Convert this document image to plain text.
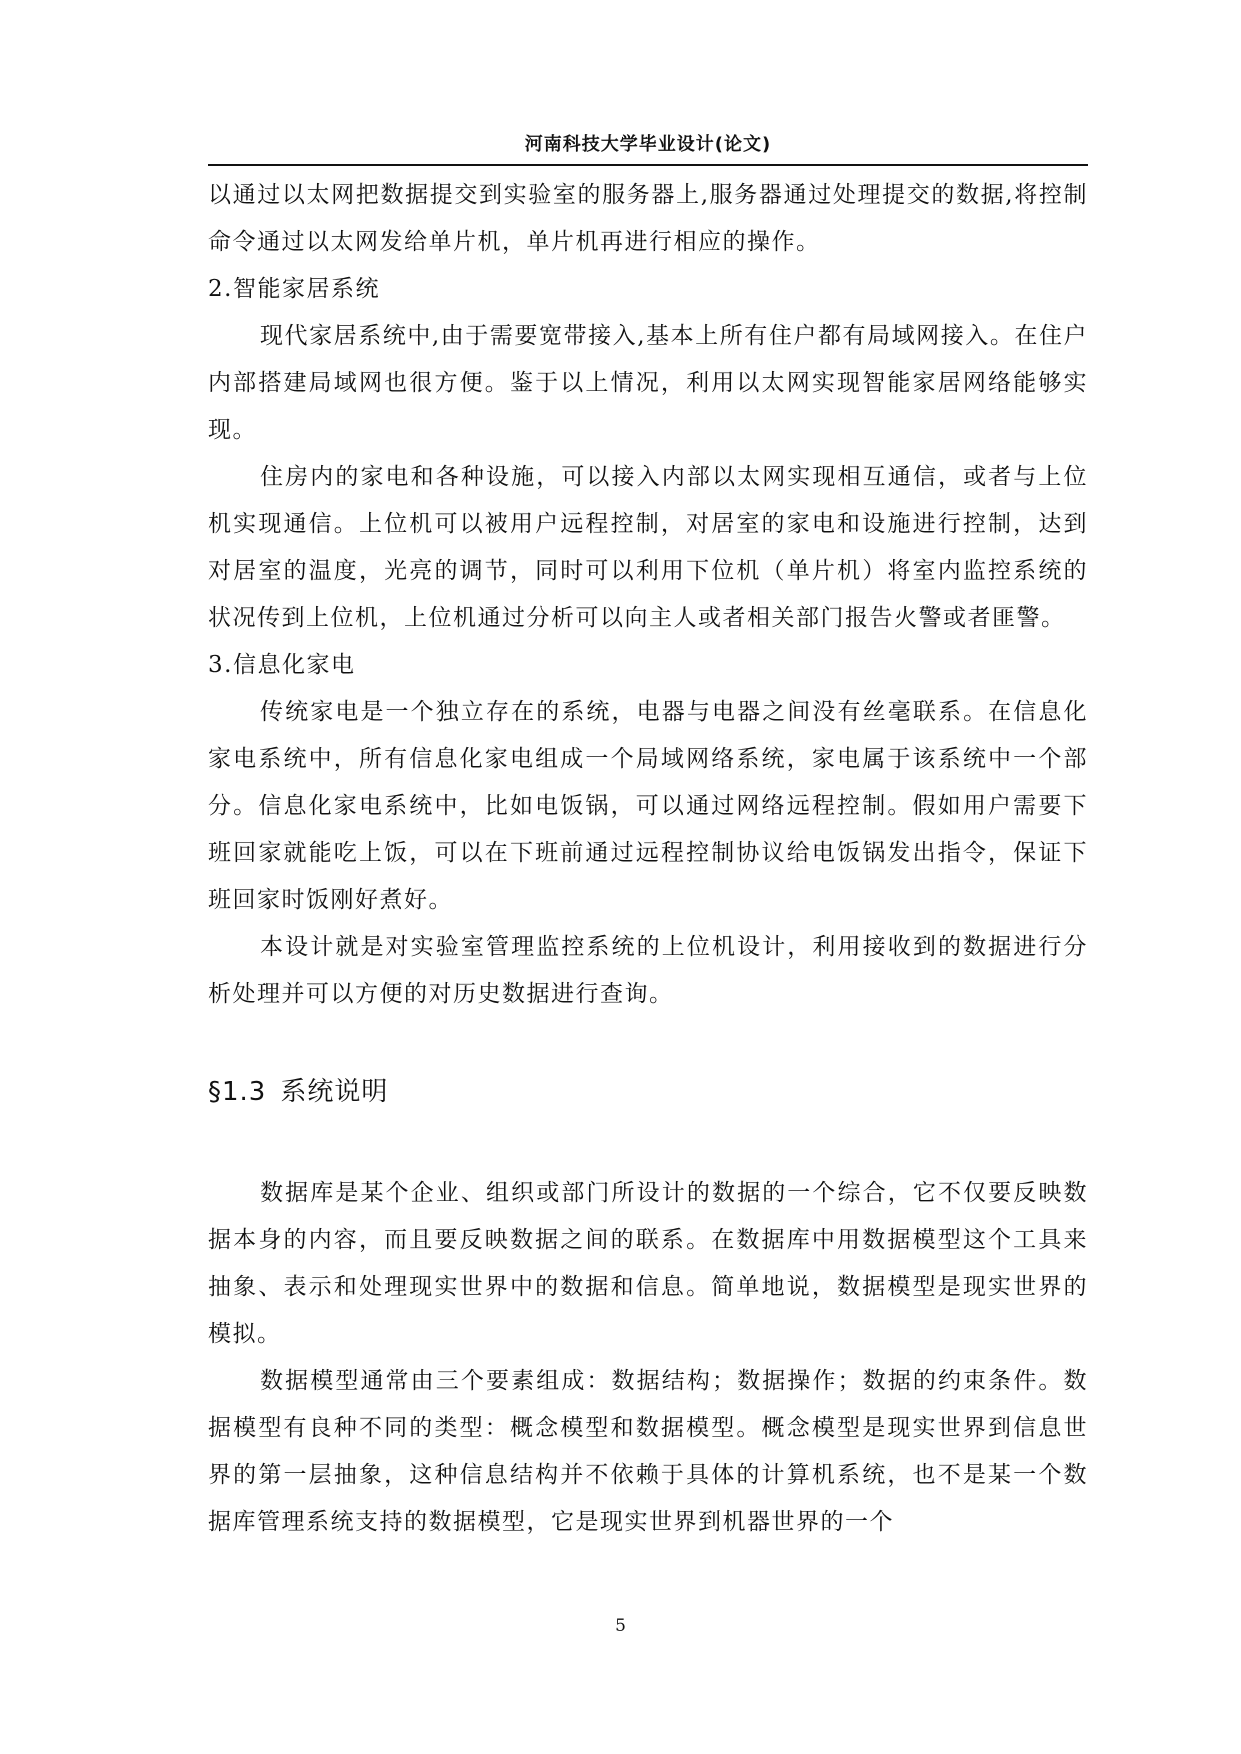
河南科技大学毕业设计(论文)

以通过以太网把数据提交到实验室的服务器上,服务器通过处理提交的数据,将控制命令通过以太网发给单片机，单片机再进行相应的操作。

2.智能家居系统

现代家居系统中,由于需要宽带接入,基本上所有住户都有局域网接入。在住户内部搭建局域网也很方便。鉴于以上情况，利用以太网实现智能家居网络能够实现。

住房内的家电和各种设施，可以接入内部以太网实现相互通信，或者与上位机实现通信。上位机可以被用户远程控制，对居室的家电和设施进行控制，达到对居室的温度，光亮的调节，同时可以利用下位机（单片机）将室内监控系统的状况传到上位机，上位机通过分析可以向主人或者相关部门报告火警或者匪警。

3.信息化家电

传统家电是一个独立存在的系统，电器与电器之间没有丝毫联系。在信息化家电系统中，所有信息化家电组成一个局域网络系统，家电属于该系统中一个部分。信息化家电系统中，比如电饭锅，可以通过网络远程控制。假如用户需要下班回家就能吃上饭，可以在下班前通过远程控制协议给电饭锅发出指令，保证下班回家时饭刚好煮好。

本设计就是对实验室管理监控系统的上位机设计，利用接收到的数据进行分析处理并可以方便的对历史数据进行查询。

§1.3 系统说明

数据库是某个企业、组织或部门所设计的数据的一个综合，它不仅要反映数据本身的内容，而且要反映数据之间的联系。在数据库中用数据模型这个工具来抽象、表示和处理现实世界中的数据和信息。简单地说，数据模型是现实世界的模拟。

数据模型通常由三个要素组成：数据结构；数据操作；数据的约束条件。数据模型有良种不同的类型：概念模型和数据模型。概念模型是现实世界到信息世界的第一层抽象，这种信息结构并不依赖于具体的计算机系统，也不是某一个数据库管理系统支持的数据模型，它是现实世界到机器世界的一个

5
